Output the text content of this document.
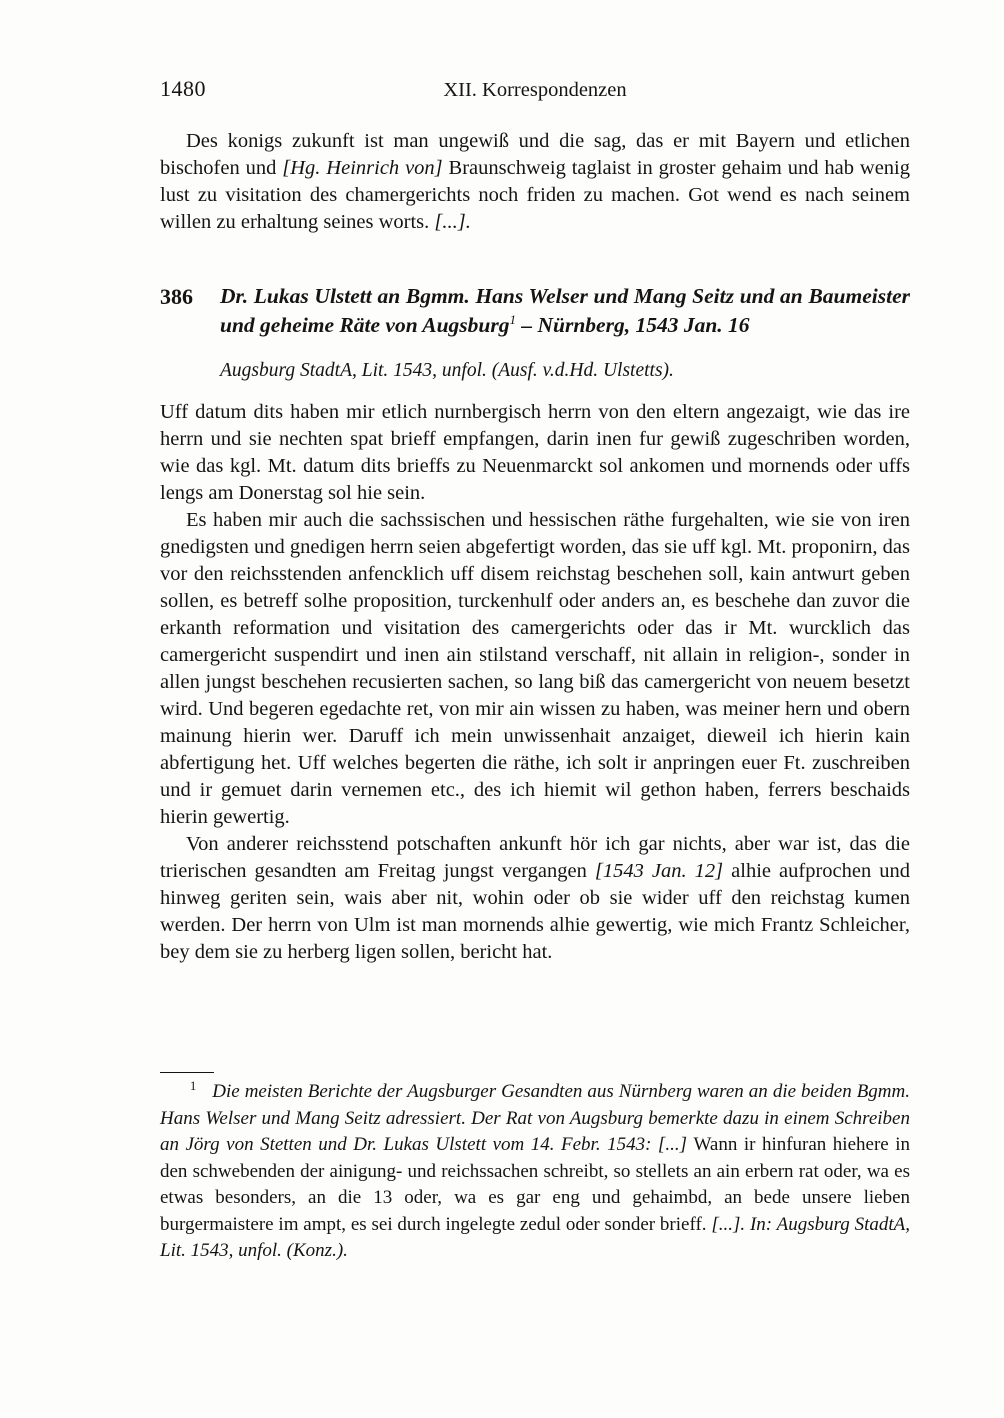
1480	XII. Korrespondenzen

Des konigs zukunft ist man ungewiß und die sag, das er mit Bayern und etlichen bischofen und [Hg. Heinrich von] Braunschweig taglaist in groster gehaim und hab wenig lust zu visitation des chamergerichts noch friden zu machen. Got wend es nach seinem willen zu erhaltung seines worts. [...].

386	Dr. Lukas Ulstett an Bgmm. Hans Welser und Mang Seitz und an Baumeister und geheime Räte von Augsburg$^1$ – Nürnberg, 1543 Jan. 16

Augsburg StadtA, Lit. 1543, unfol. (Ausf. v.d.Hd. Ulstetts).

Uff datum dits haben mir etlich nurnbergisch herrn von den eltern angezaigt, wie das ire herrn und sie nechten spat brieff empfangen, darin inen fur gewiß zugeschriben worden, wie das kgl. Mt. datum dits brieffs zu Neuenmarckt sol ankomen und mornends oder uffs lengs am Donerstag sol hie sein.

Es haben mir auch die sachssischen und hessischen räthe furgehalten, wie sie von iren gnedigsten und gnedigen herrn seien abgefertigt worden, das sie uff kgl. Mt. proponirn, das vor den reichsstenden anfencklich uff disem reichstag beschehen soll, kain antwurt geben sollen, es betreff solhe proposition, turckenhulf oder anders an, es beschehe dan zuvor die erkanth reformation und visitation des camergerichts oder das ir Mt. wurcklich das camergericht suspendirt und inen ain stilstand verschaff, nit allain in religion-, sonder in allen jungst beschehen recusierten sachen, so lang biß das camergericht von neuem besetzt wird. Und begeren egedachte ret, von mir ain wissen zu haben, was meiner hern und obern mainung hierin wer. Daruff ich mein unwissenhait anzaiget, dieweil ich hierin kain abfertigung het. Uff welches begerten die räthe, ich solt ir anpringen euer Ft. zuschreiben und ir gemuet darin vernemen etc., des ich hiemit wil gethon haben, ferrers beschaids hierin gewertig.

Von anderer reichsstend potschaften ankunft hör ich gar nichts, aber war ist, das die trierischen gesandten am Freitag jungst vergangen [1543 Jan. 12] alhie aufprochen und hinweg geriten sein, wais aber nit, wohin oder ob sie wider uff den reichstag kumen werden. Der herrn von Ulm ist man mornends alhie gewertig, wie mich Frantz Schleicher, bey dem sie zu herberg ligen sollen, bericht hat.

$^1$ Die meisten Berichte der Augsburger Gesandten aus Nürnberg waren an die beiden Bgmm. Hans Welser und Mang Seitz adressiert. Der Rat von Augsburg bemerkte dazu in einem Schreiben an Jörg von Stetten und Dr. Lukas Ulstett vom 14. Febr. 1543: [...] Wann ir hinfuran hiehere in den schwebenden der ainigung- und reichssachen schreibt, so stellets an ain erbern rat oder, wa es etwas besonders, an die 13 oder, wa es gar eng und gehaimbd, an bede unsere lieben burgermaistere im ampt, es sei durch ingelegte zedul oder sonder brieff. [...]. In: Augsburg StadtA, Lit. 1543, unfol. (Konz.).
